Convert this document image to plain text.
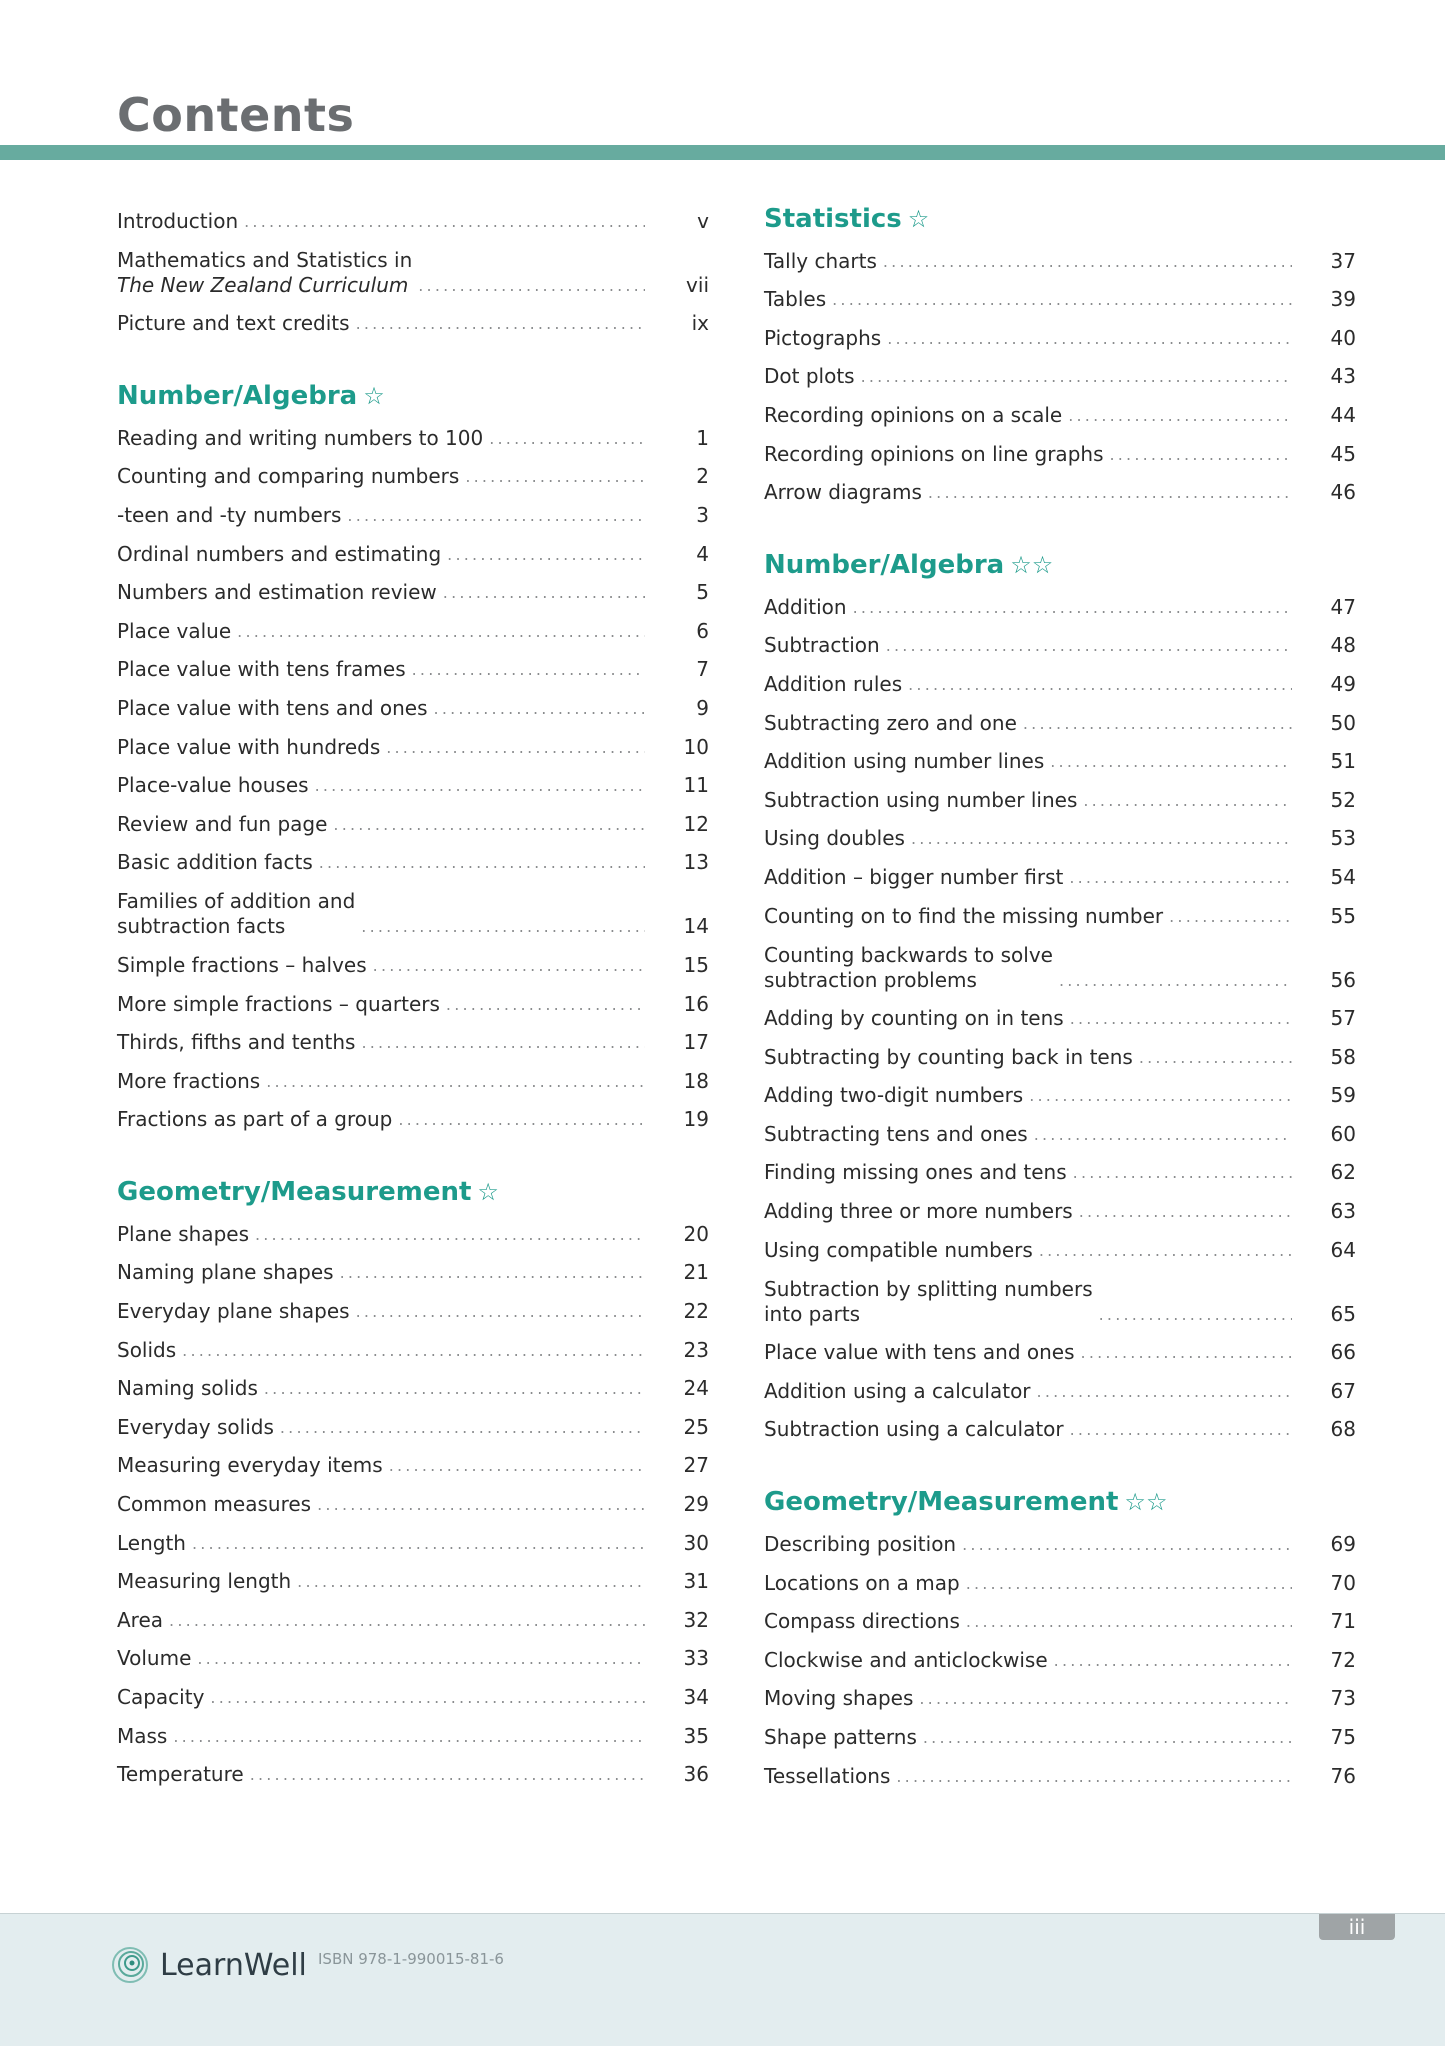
Contents
Introduction .....	v
Mathematics and Statistics in
The New Zealand Curriculum .....	vii
Picture and text credits .....	ix
Number/Algebra ☆
Reading and writing numbers to 100 .....	1
Counting and comparing numbers .....	2
-teen and -ty numbers .....	3
Ordinal numbers and estimating .....	4
Numbers and estimation review .....	5
Place value .....	6
Place value with tens frames .....	7
Place value with tens and ones .....	9
Place value with hundreds .....	10
Place-value houses .....	11
Review and fun page .....	12
Basic addition facts .....	13
Families of addition and
subtraction facts .....	14
Simple fractions – halves .....	15
More simple fractions – quarters .....	16
Thirds, fifths and tenths .....	17
More fractions .....	18
Fractions as part of a group .....	19
Geometry/Measurement ☆
Plane shapes .....	20
Naming plane shapes .....	21
Everyday plane shapes .....	22
Solids .....	23
Naming solids .....	24
Everyday solids .....	25
Measuring everyday items .....	27
Common measures .....	29
Length .....	30
Measuring length .....	31
Area .....	32
Volume .....	33
Capacity .....	34
Mass .....	35
Temperature .....	36
Statistics ☆
Tally charts .....	37
Tables .....	39
Pictographs .....	40
Dot plots .....	43
Recording opinions on a scale .....	44
Recording opinions on line graphs .....	45
Arrow diagrams .....	46
Number/Algebra ☆☆
Addition .....	47
Subtraction .....	48
Addition rules .....	49
Subtracting zero and one .....	50
Addition using number lines .....	51
Subtraction using number lines .....	52
Using doubles .....	53
Addition – bigger number first .....	54
Counting on to find the missing number .....	55
Counting backwards to solve
subtraction problems .....	56
Adding by counting on in tens .....	57
Subtracting by counting back in tens .....	58
Adding two-digit numbers .....	59
Subtracting tens and ones .....	60
Finding missing ones and tens .....	62
Adding three or more numbers .....	63
Using compatible numbers .....	64
Subtraction by splitting numbers
into parts .....	65
Place value with tens and ones .....	66
Addition using a calculator .....	67
Subtraction using a calculator .....	68
Geometry/Measurement ☆☆
Describing position .....	69
Locations on a map .....	70
Compass directions .....	71
Clockwise and anticlockwise .....	72
Moving shapes .....	73
Shape patterns .....	75
Tessellations .....	76
LearnWell ISBN 978-1-990015-81-6
iii
